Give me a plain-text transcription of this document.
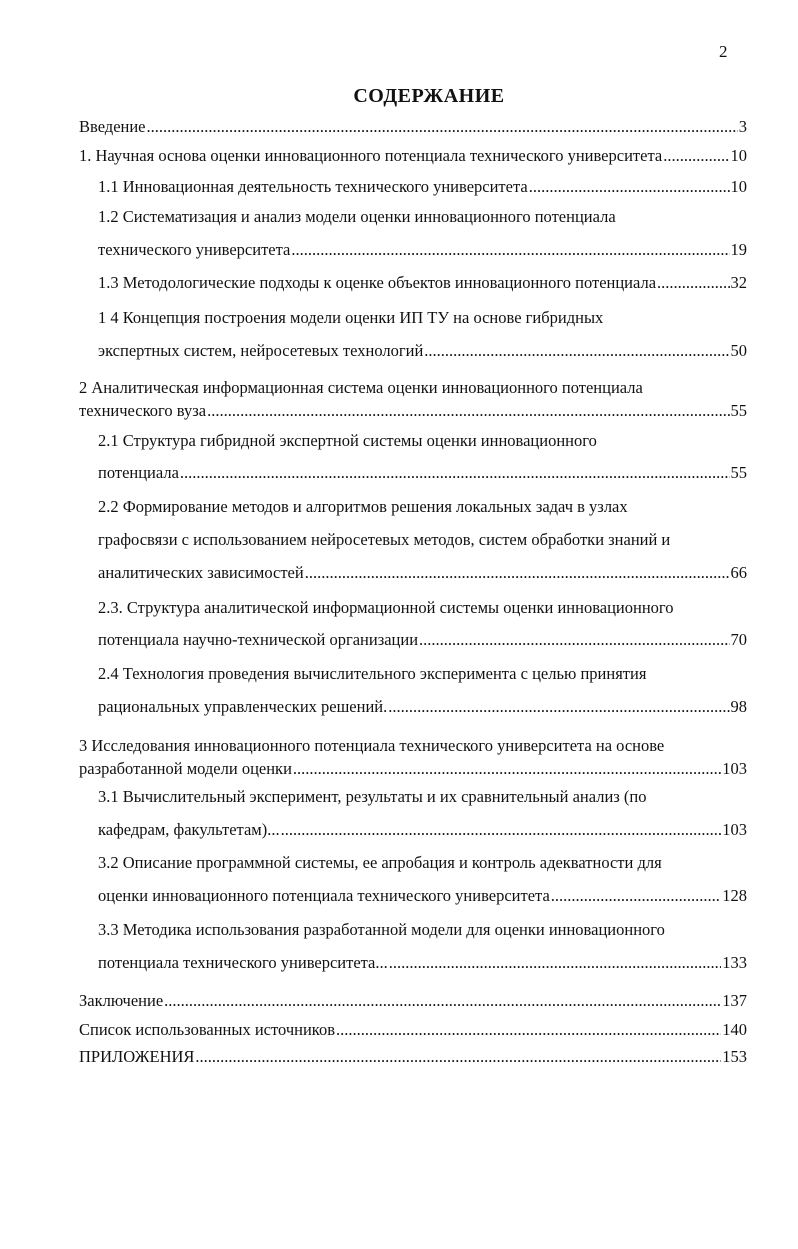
2
СОДЕРЖАНИЕ
Введение .....	3
1. Научная основа оценки инновационного потенциала технического университета .....	10
1.1 Инновационная деятельность технического университета .....	10
1.2 Систематизация и анализ модели оценки инновационного потенциала
технического университета .....	19
1.3 Методологические подходы к оценке объектов инновационного потенциала .....	32
1 4 Концепция построения модели оценки ИП ТУ на основе гибридных
экспертных систем, нейросетевых технологий .....	50
2 Аналитическая информационная система оценки инновационного потенциала
технического вуза .....	55
2.1 Структура гибридной экспертной системы оценки инновационного
потенциала .....	55
2.2 Формирование методов и алгоритмов решения локальных задач в узлах
графосвязи с использованием нейросетевых методов, систем обработки знаний и
аналитических зависимостей .....	66
2.3. Структура аналитической информационной системы оценки инновационного
потенциала научно-технической организации .....	70
2.4 Технология проведения вычислительного эксперимента с целью принятия
рациональных управленческих решений. .....	98
3 Исследования инновационного потенциала технического университета на основе
разработанной модели оценки .....	103
3.1 Вычислительный эксперимент, результаты и их сравнительный анализ (по
кафедрам, факультетам)... .....	103
3.2 Описание программной системы, ее апробация и контроль адекватности для
оценки инновационного потенциала технического университета .....	128
3.3 Методика использования разработанной модели для оценки инновационного
потенциала технического университета... .....	133
Заключение .....	137
Список использованных источников .....	140
ПРИЛОЖЕНИЯ .....	153
